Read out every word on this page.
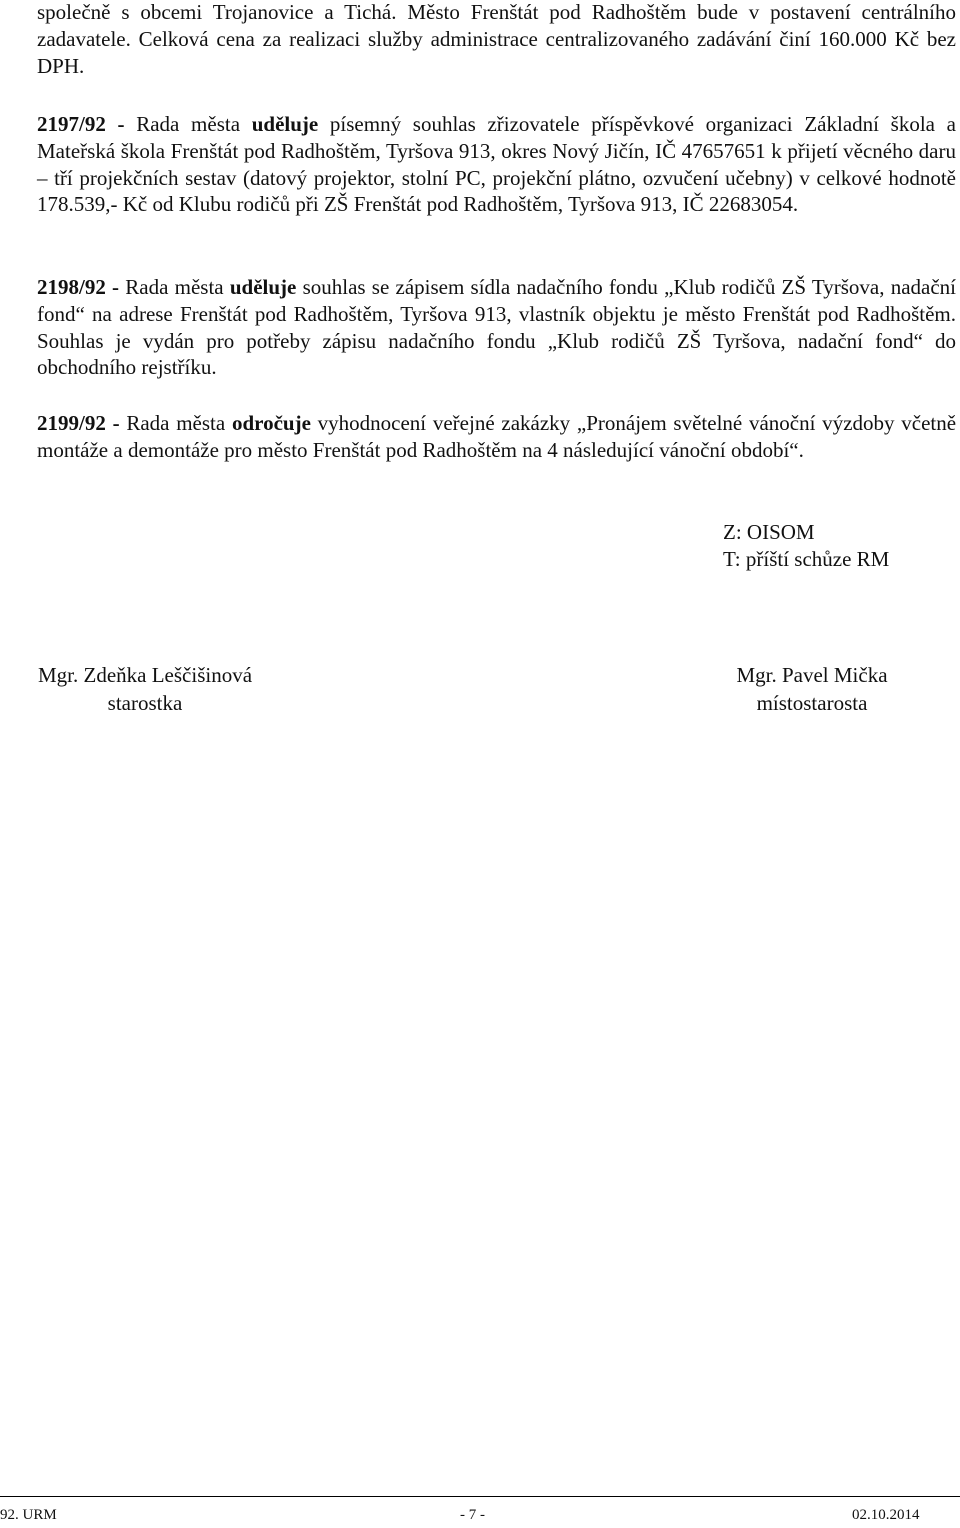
společně s obcemi Trojanovice a Tichá. Město Frenštát pod Radhoštěm bude v postavení centrálního zadavatele. Celková cena za realizaci služby administrace centralizovaného zadávání činí 160.000 Kč bez DPH.

2197/92 - Rada města uděluje písemný souhlas zřizovatele příspěvkové organizaci Základní škola a Mateřská škola Frenštát pod Radhoštěm, Tyršova 913, okres Nový Jičín, IČ 47657651 k přijetí věcného daru – tří projekčních sestav (datový projektor, stolní PC, projekční plátno, ozvučení učebny) v celkové hodnotě 178.539,- Kč od Klubu rodičů při ZŠ Frenštát pod Radhoštěm, Tyršova 913, IČ 22683054.

2198/92 - Rada města uděluje souhlas se zápisem sídla nadačního fondu „Klub rodičů ZŠ Tyršova, nadační fond“ na adrese Frenštát pod Radhoštěm, Tyršova 913, vlastník objektu je město Frenštát pod Radhoštěm. Souhlas je vydán pro potřeby zápisu nadačního fondu „Klub rodičů ZŠ Tyršova, nadační fond“ do obchodního rejstříku.

2199/92 - Rada města odročuje vyhodnocení veřejné zakázky „Pronájem světelné vánoční výzdoby včetně montáže a demontáže pro město Frenštát pod Radhoštěm na 4 následující vánoční období“.

Z: OISOM
T: příští schůze RM
Mgr. Zdeňka Leščišinová
starostka
Mgr. Pavel Mička
místostarosta
92. URM	- 7 -	02.10.2014
